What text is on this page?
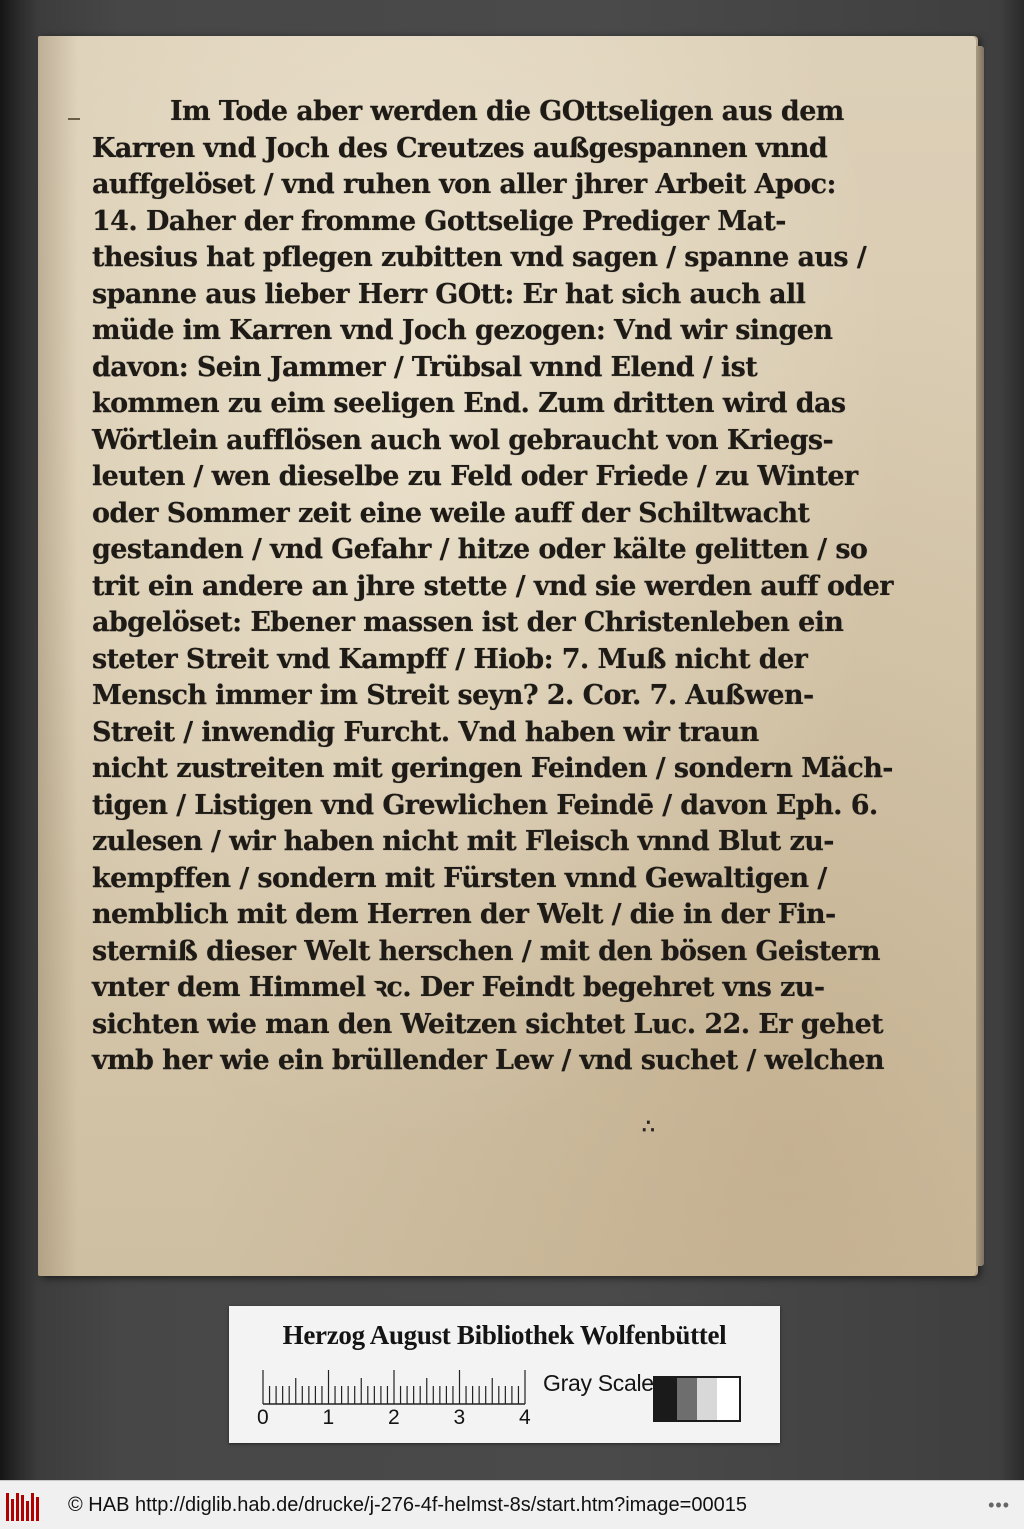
Im Tode aber werden die GOttseligen aus dem
Karren vnd Joch des Creutzes außgespannen vnnd
auffgelöset / vnd ruhen von aller jhrer Arbeit Apoc:
14. Daher der fromme Gottselige Prediger Mat-
thesius hat pflegen zubitten vnd sagen / spanne aus /
spanne aus lieber Herr GOtt: Er hat sich auch all
müde im Karren vnd Joch gezogen: Vnd wir singen
davon: Sein Jammer / Trübsal vnnd Elend / ist
kommen zu eim seeligen End. Zum dritten wird das
Wörtlein aufflösen auch wol gebraucht von Kriegs-
leuten / wen dieselbe zu Feld oder Friede / zu Winter
oder Sommer zeit eine weile auff der Schiltwacht
gestanden / vnd Gefahr / hitze oder kälte gelitten / so
trit ein andere an jhre stette / vnd sie werden auff oder
abgelöset: Ebener massen ist der Christenleben ein
steter Streit vnd Kampff / Hiob: 7. Muß nicht der
Mensch immer im Streit seyn? 2. Cor. 7. Außwen-
Streit / inwendig Furcht. Vnd haben wir traun
nicht zustreiten mit geringen Feinden / sondern Mäch-
tigen / Listigen vnd Grewlichen Feindē / davon Eph. 6.
zulesen / wir haben nicht mit Fleisch vnnd Blut zu-
kempffen / sondern mit Fürsten vnnd Gewaltigen /
nemblich mit dem Herren der Welt / die in der Fin-
sterniß dieser Welt herschen / mit den bösen Geistern
vnter dem Himmel ꝛc. Der Feindt begehret vns zu-
sichten wie man den Weitzen sichtet Luc. 22. Er gehet
vmb her wie ein brüllender Lew / vnd suchet / welchen
∴
Herzog August Bibliothek Wolfenbüttel
0	1	2	3	4
Gray Scale
© HAB http://diglib.hab.de/drucke/j-276-4f-helmst-8s/start.htm?image=00015	•••
